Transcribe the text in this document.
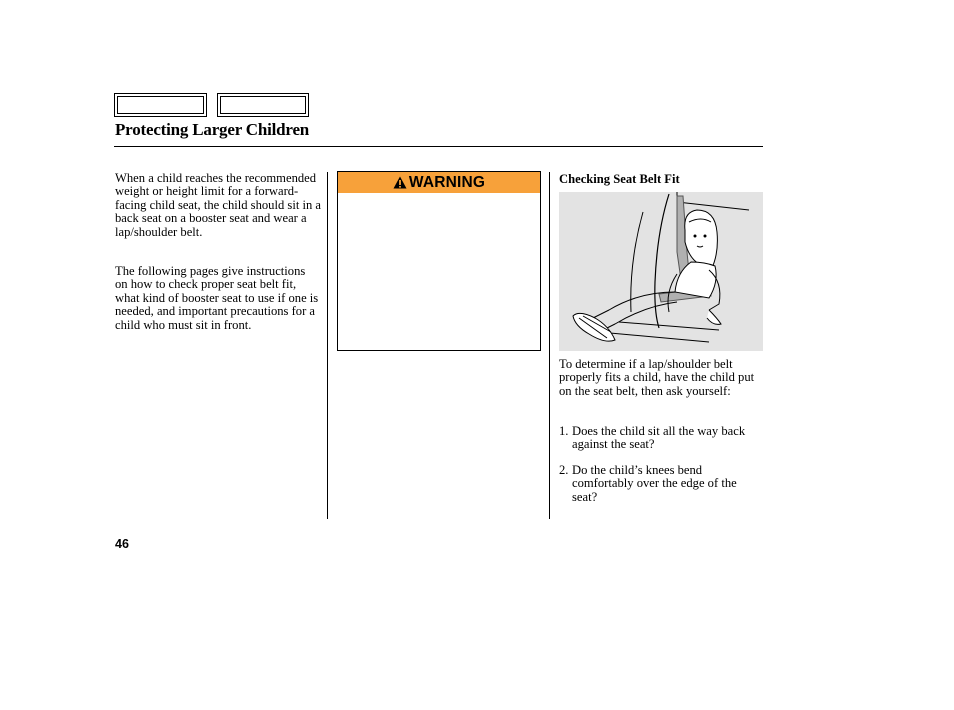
Protecting Larger Children
When a child reaches the recommended weight or height limit for a forward-facing child seat, the child should sit in a back seat on a booster seat and wear a lap/shoulder belt.
The following pages give instructions on how to check proper seat belt fit, what kind of booster seat to use if one is needed, and important precautions for a child who must sit in front.
WARNING	Checking Seat Belt Fit
To determine if a lap/shoulder belt properly fits a child, have the child put on the seat belt, then ask yourself:
1. Does the child sit all the way back against the seat?
2. Do the child’s knees bend comfortably over the edge of the seat?
46
